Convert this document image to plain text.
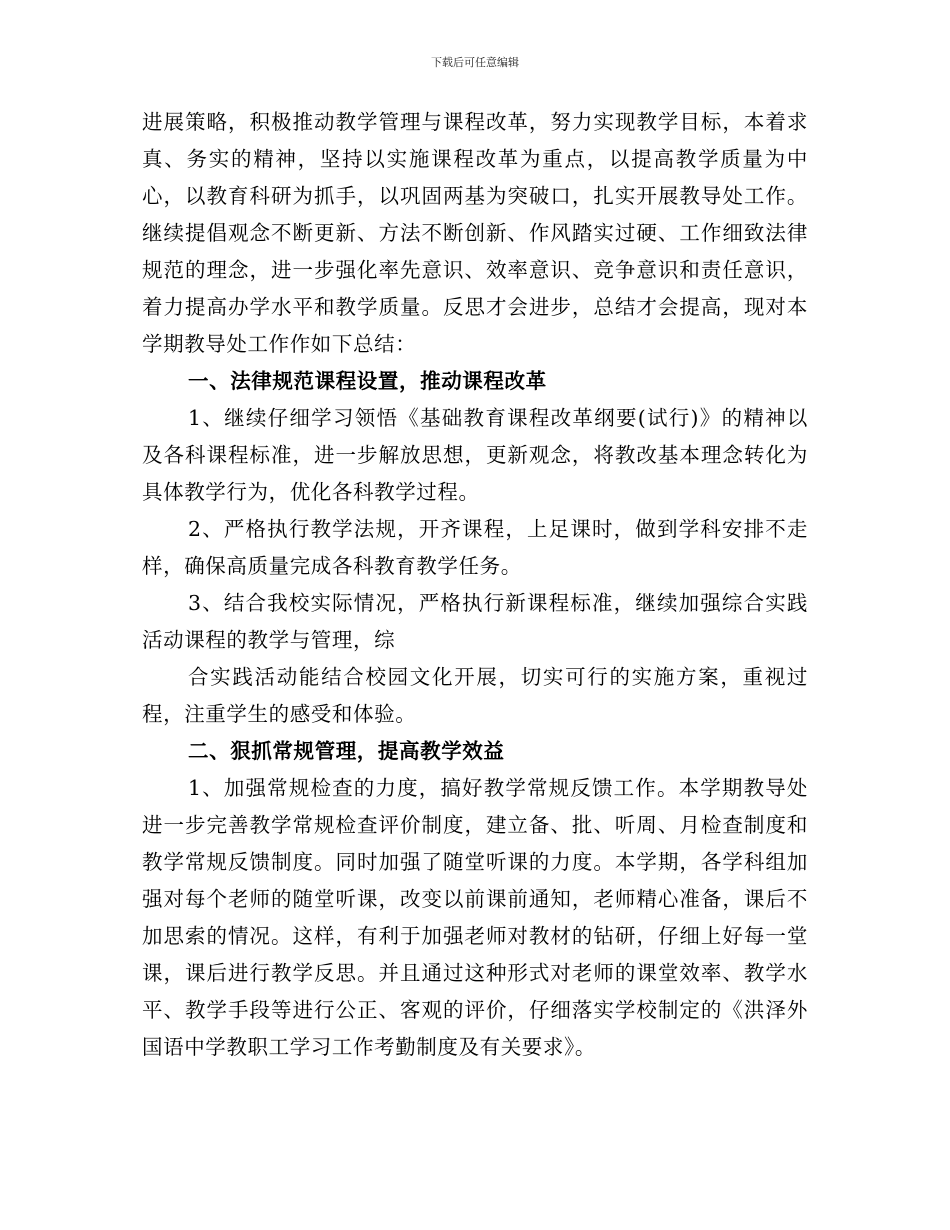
下载后可任意编辑

进展策略，积极推动教学管理与课程改革，努力实现教学目标，本着求真、务实的精神，坚持以实施课程改革为重点，以提高教学质量为中心，以教育科研为抓手，以巩固两基为突破口，扎实开展教导处工作。继续提倡观念不断更新、方法不断创新、作风踏实过硬、工作细致法律规范的理念，进一步强化率先意识、效率意识、竞争意识和责任意识，着力提高办学水平和教学质量。反思才会进步，总结才会提高，现对本学期教导处工作作如下总结：

一、法律规范课程设置，推动课程改革

1、继续仔细学习领悟《基础教育课程改革纲要(试行)》的精神以及各科课程标准，进一步解放思想，更新观念，将教改基本理念转化为具体教学行为，优化各科教学过程。

2、严格执行教学法规，开齐课程，上足课时，做到学科安排不走样，确保高质量完成各科教育教学任务。

3、结合我校实际情况，严格执行新课程标准，继续加强综合实践活动课程的教学与管理，综

合实践活动能结合校园文化开展，切实可行的实施方案，重视过程，注重学生的感受和体验。

二、狠抓常规管理，提高教学效益

1、加强常规检查的力度，搞好教学常规反馈工作。本学期教导处进一步完善教学常规检查评价制度，建立备、批、听周、月检查制度和教学常规反馈制度。同时加强了随堂听课的力度。本学期，各学科组加强对每个老师的随堂听课，改变以前课前通知，老师精心准备，课后不加思索的情况。这样，有利于加强老师对教材的钻研，仔细上好每一堂课，课后进行教学反思。并且通过这种形式对老师的课堂效率、教学水平、教学手段等进行公正、客观的评价，仔细落实学校制定的《洪泽外国语中学教职工学习工作考勤制度及有关要求》。
